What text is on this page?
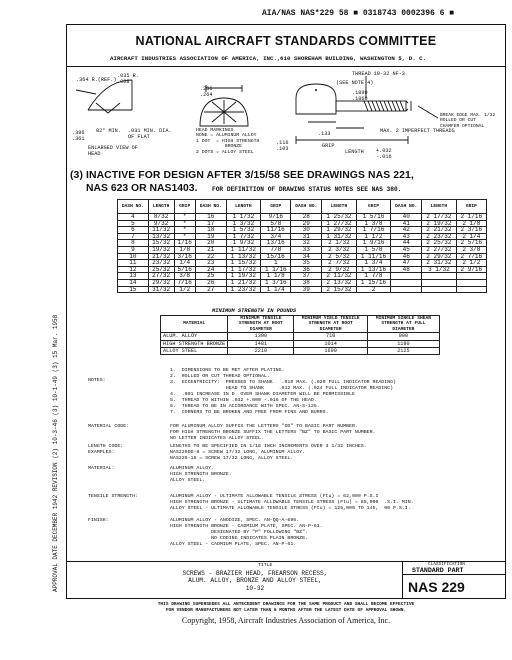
AIA/NAS NAS*229 58 ■ 0318743 0002396 6 ■
APPROVAL DATE DECEMBER 1942 REVISION (2) 10-3-46 (3) 10-1-49 (3) 15 Mar. 1958
NATIONAL AIRCRAFT STANDARDS COMMITTEE
AIRCRAFT INDUSTRIES ASSOCIATION OF AMERICA, INC., 610 SHOREHAM BUILDING, WASHINGTON 5, D. C.
.364 R.(REF.)
.035 R.
.008
.236
.264
.386
.361
82° MIN. .031 MIN. DIA.
OF FLAT
ENLARGED VIEW OF
HEAD
HEAD MARKINGS
NONE = ALUMINUM ALLOY
1 DOT  = HIGH STRENGTH
BRONZE
2 DOTS = ALLOY STEEL
.116
.103
THREAD 10-32 NF-3
(SEE NOTE 4)
.1890
.1860
BREAK EDGE MAX. 1/32
ROLLED OR CUT
CHAMFER OPTIONAL
.133	MAX. 2 IMPERFECT THREADS
GRIP
LENGTH +.032
-.016
(3) INACTIVE FOR DESIGN AFTER 3/15/58 SEE DRAWINGS NAS 221,
NAS 623 OR NAS1403. FOR DEFINITION OF DRAWING STATUS NOTES SEE NAS 380.
DASH NO.	LENGTH	GRIP	DASH NO.	LENGTH	GRIP	DASH NO.	LENGTH	GRIP	DASH NO.	LENGTH	GRIP
4	8/32	*	16	1 1/32	9/16	28	1 25/32	1 5/16	40	2 17/32	2 1/16
5	9/32	*	17	1 3/32	5/8	29	1 27/32	1 3/8	41	2 19/32	2 1/8
6	11/32	*	18	1 5/32	11/16	30	1 29/32	1 7/16	42	2 21/32	2 3/16
7	13/32	*	19	1 7/32	3/4	31	1 31/32	1 1/2	43	2 23/32	2 1/4
8	15/32	1/16	20	1 9/32	13/16	32	2 1/32	1 9/16	44	2 25/32	2 5/16
9	19/32	1/8	21	1 11/32	7/8	33	2 3/32	1 5/8	45	2 27/32	2 3/8
10	21/32	3/16	22	1 13/32	15/16	34	2 5/32	1 11/16	46	2 29/32	2 7/16
11	23/32	1/4	23	1 15/32	1	35	2 7/32	1 3/4	47	2 31/32	2 1/2
12	25/32	5/16	24	1 17/32	1 1/16	36	2 9/32	1 13/16	48	3 1/32	2 9/16
13	27/32	3/8	25	1 19/32	1 1/8	37	2 11/32	1 7/8			
14	29/32	7/16	26	1 21/32	1 3/16	38	2 13/32	1 15/16			
15	31/32	1/2	27	1 23/32	1 1/4	39	2 15/32	2			
MINIMUM STRENGTH IN POUNDS
MATERIAL	MINIMUM TENSILE STRENGTH AT ROOT DIAMETER	MINIMUM YIELD TENSILE STRENGTH AT ROOT DIAMETER	MINIMUM SINGLE SHEAR STRENGTH AT FULL DIAMETER
ALUM. ALLOY	1300	710	990
HIGH STRENGTH BRONZE	1481	1014	1180
ALLOY STEEL	2210	1690	2125
NOTES:
1.  DIMENSIONS TO BE MET AFTER PLATING.
2.  ROLLED OR CUT THREAD OPTIONAL.
3.  ECCENTRICITY:  PRESSED TO SHANK   .010 MAX. (.020 FULL INDICATOR READING)
HEAD TO SHANK     .012 MAX. (.024 FULL INDICATOR READING)
4.  .001 INCREASE IN D  OVER SHANK DIAMETER WILL BE PERMISSIBLE
5.  THREAD TO WITHIN .032 +.000 -.016 OF THE HEAD.
6.  THREAD TO BE IN ACCORDANCE WITH SPEC. AN-S-125.
7.  CORNERS TO BE BROKEN AND FREE FROM FINS AND BURRS.
MATERIAL CODE:	FOR ALUMINUM ALLOY SUFFIX THE LETTERS "DD" TO BASIC PART NUMBER.
FOR HIGH STRENGTH BRONZE SUFFIX THE LETTERS "BZ" TO BASIC PART NUMBER.
NO LETTER INDICATES ALLOY STEEL.
LENGTH CODE:
EXAMPLES:
LENGTHS TO BE SPECIFIED IN 1/16 INCH INCREMENTS OVER 3 1/32 INCHES.
NAS229DD-8 = SCREW 17/32 LONG, ALUMINUM ALLOY.
NAS229-16 = SCREW 17/32 LONG, ALLOY STEEL.
MATERIAL:	ALUMINUM ALLOY.
HIGH STRENGTH BRONZE.
ALLOY STEEL.
TENSILE STRENGTH:	ALUMINUM ALLOY - ULTIMATE ALLOWABLE TENSILE STRESS (Ftu) = 62,000 P.S.I
HIGH STRENGTH BRONZE - ULTIMATE ALLOWABLE TENSILE STRESS (Ftu) = 85,000  .S.I. MIN.
ALLOY STEEL - ULTIMATE ALLOWABLE TENSILE STRESS (Ftu) = 125,000 TO 145,  00 P.S.I.
FINISH:	ALUMINUM ALLOY - ANODIZE, SPEC. AN-QQ-A-696.
HIGH STRENGTH BRONZE - CADMIUM PLATE, SPEC. AN-P-61.
DESIGNATED BY "P" FOLLOWING "BZ".
NO CODING INDICATES PLAIN BRONZE.
ALLOY STEEL - CADMIUM PLATE, SPEC. AN-P-61.
TITLE
SCREWS - BRAZIER HEAD, FREARSON RECESS,
ALUM. ALLOY, BRONZE AND ALLOY STEEL,
10-32
CLASSIFICATION
STANDARD PART
NAS 229
THIS DRAWING SUPERSEDES ALL ANTECEDENT DRAWINGS FOR THE SAME PRODUCT AND SHALL BECOME EFFECTIVE
FOR VENDOR MANUFACTURERS NOT LATER THAN 6 MONTHS AFTER THE LATEST DATE OF APPROVAL SHOWN.
Copyright, 1958, Aircraft Industries Association of America, Inc.
